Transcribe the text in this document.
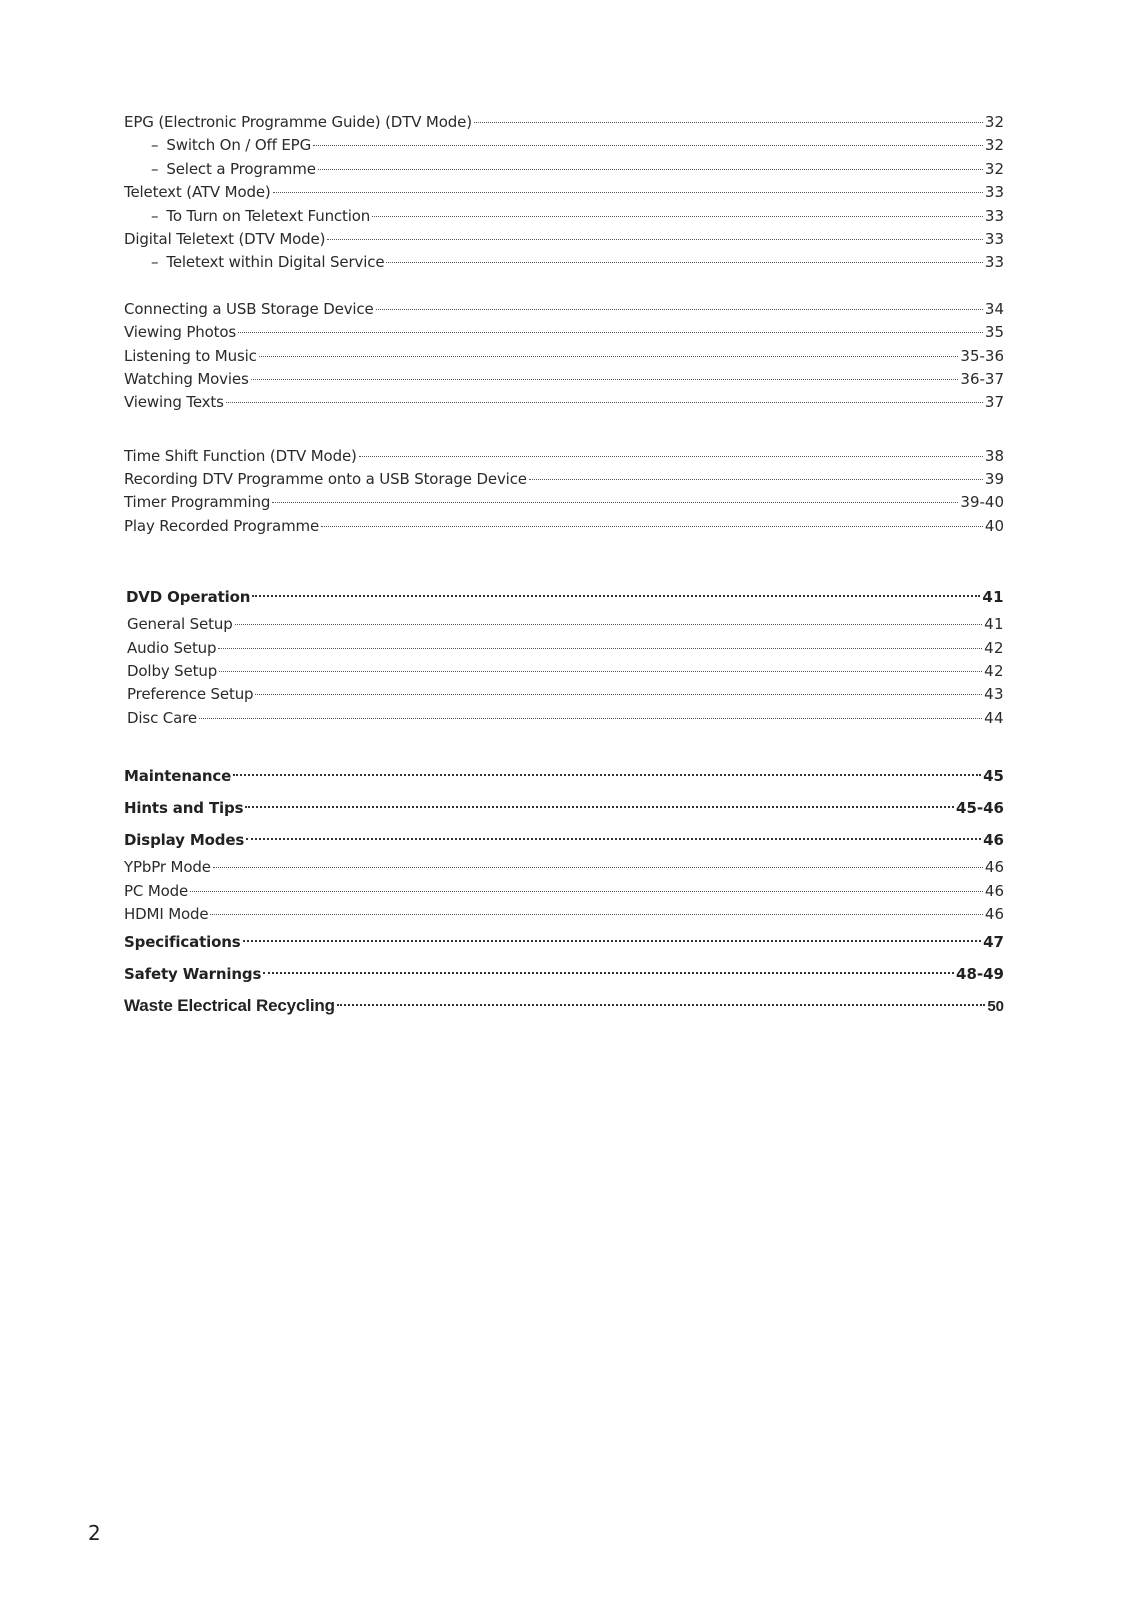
EPG (Electronic Programme Guide) (DTV Mode)	32
– Switch On / Off EPG	32
– Select a Programme	32
Teletext (ATV Mode)	33
– To Turn on Teletext Function	33
Digital Teletext (DTV Mode)	33
– Teletext within Digital Service	33
Connecting a USB Storage Device	34
Viewing Photos	35
Listening to Music	35-36
Watching Movies	36-37
Viewing Texts	37
Time Shift Function (DTV Mode)	38
Recording DTV Programme onto a USB Storage Device	39
Timer Programming	39-40
Play Recorded Programme	40
DVD Operation	41
General Setup	41
Audio Setup	42
Dolby Setup	42
Preference Setup	43
Disc Care	44
Maintenance	45
Hints and Tips	45-46
Display Modes	46
YPbPr Mode	46
PC Mode	46
HDMI Mode	46
Specifications	47
Safety Warnings	48-49
Waste Electrical Recycling	50
2
